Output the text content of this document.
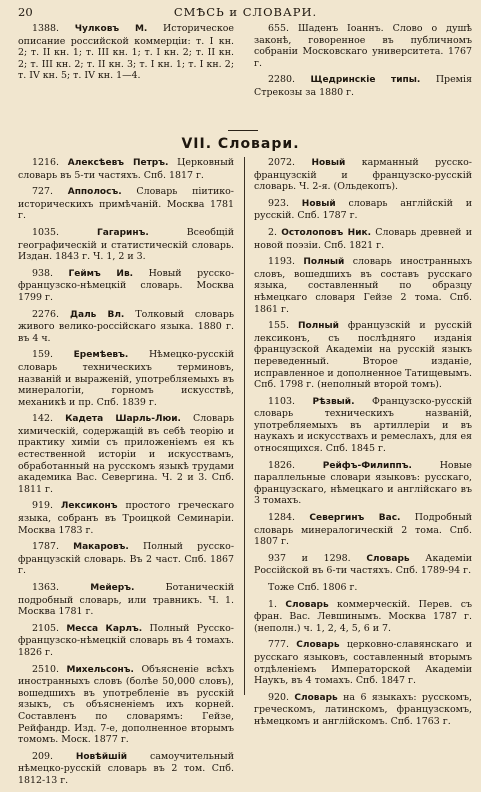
20	СМѢСЬ и СЛОВАРИ.

1388. Чулковъ М. Историческое описание российской коммерціи: т. I кн. 2; т. II кн. 1; т. III кн. 1; т. I кн. 2; т. II кн. 2; т. III кн. 2; т. II кн. 3; т. I кн. 1; т. I кн. 2; т. IV кн. 5; т. IV кн. 1—4.

655. Шаденъ Іоаннъ. Слово о душѣ законѣ, говоренное въ публичномъ собраніи Московскаго университета. 1767 г.

2280. Щедринскіе типы. Премія Стрекозы за 1880 г.

VII. Словари.

1216. Алексѣевъ Петръ. Церковный словарь въ 5-ти частяхъ. Спб. 1817 г.

727. Апполосъ. Словарь піитико-историческихъ примѣчаній. Москва 1781 г.

1035.	Гагаринъ.	Всеобщій географическій и статистическій словарь. Издан. 1843 г. Ч. 1, 2 и 3.

938. Геймъ Ив. Новый русско-французско-нѣмецкій словарь. Москва 1799 г.

2276. Даль Вл. Толковый словарь живого велико-россійскаго языка. 1880 г. въ 4 ч.

159. Еремѣевъ. Нѣмецко-русскій словарь техническихъ терминовъ, названій и выраженій, употребляемыхъ въ минералогіи, горномъ искусствѣ, механикѣ и пр. Спб. 1839 г.

142. Кадета Шарль-Люи. Словарь химическій, содержащій въ себѣ теорію и практику химіи съ приложеніемъ ея къ естественной исторіи и искусствамъ, обработанный на русскомъ языкѣ трудами академика Вас. Севергина. Ч. 2 и 3. Спб. 1811 г.

919. Лексиконъ простого греческаго языка, собранъ въ Троицкой Семинаріи. Москва 1783 г.

1787. Макаровъ. Полный русско-французскій словарь. Въ 2 част. Спб. 1867 г.

1363.	Мейеръ.	Ботаническій подробный словарь, или травникъ. Ч. 1. Москва 1781 г.

2105. Месса Карлъ. Полный Русско-французско-нѣмецкій словарь въ 4 томахъ. 1826 г.

2510. Михельсонъ. Объясненіе всѣхъ иностранныхъ словъ (болѣе 50,000 словъ), вошедшихъ въ употребленіе въ русскій языкъ, съ объясненіемъ ихъ корней. Составленъ по словарямъ: Гейзе, Рейфандр. Изд. 7-е, дополненное вторымъ томомъ. Моск. 1877 г.

209.	Новѣйшій самоучительный нѣмецко-русскій словарь въ 2 том. Спб. 1812-13 г.

2072. Новый карманный русско-французскій и французско-русскій словарь. Ч. 2-я. (Ольдекопъ).

923. Новый словарь англійскій и русскій. Спб. 1787 г.

2. Остолоповъ Ник. Словарь древней и новой поэзіи. Спб. 1821 г.

1193. Полный словарь иностранныхъ словъ, вошедшихъ въ составъ русскаго языка, составленный по образцу нѣмецкаго словаря Гейзе 2 тома. Спб. 1861 г.

155. Полный французскій и русскій лексиконъ, съ послѣдняго изданія французской Академіи на русскій языкъ переведенный. Второе изданіе, исправленное и дополненное Татищевымъ. Спб. 1798 г. (неполный второй томъ).

1103. Рѣзвый. Французско-русскій словарь техническихъ названій, употребляемыхъ въ артиллеріи и въ наукахъ и искусствахъ и ремеслахъ, для ея относящихся. Спб. 1845 г.

1826.	Рейфъ-Филиппъ.	Новые параллельные словари языковъ: русскаго, французскаго, нѣмецкаго и англійскаго въ 3 томахъ.

1284. Севергинъ Вас. Подробный словарь минералогическій 2 тома. Спб. 1807 г.

937 и 1298. Словарь Академіи Россійской въ 6-ти частяхъ. Спб. 1789-94 г.

Тоже Спб. 1806 г.

1. Словарь коммерческій. Перев. съ фран. Вас. Левшинымъ. Москва 1787 г. (неполн.) ч. 1, 2, 4, 5, 6 и 7.

777. Словарь церковно-славянскаго и русскаго языковъ, составленный вторымъ отдѣленіемъ Императорской Академіи Наукъ, въ 4 томахъ. Спб. 1847 г.

920. Словарь на 6 языкахъ: русскомъ, греческомъ, латинскомъ, французскомъ, нѣмецкомъ и англійскомъ. Спб. 1763 г.
